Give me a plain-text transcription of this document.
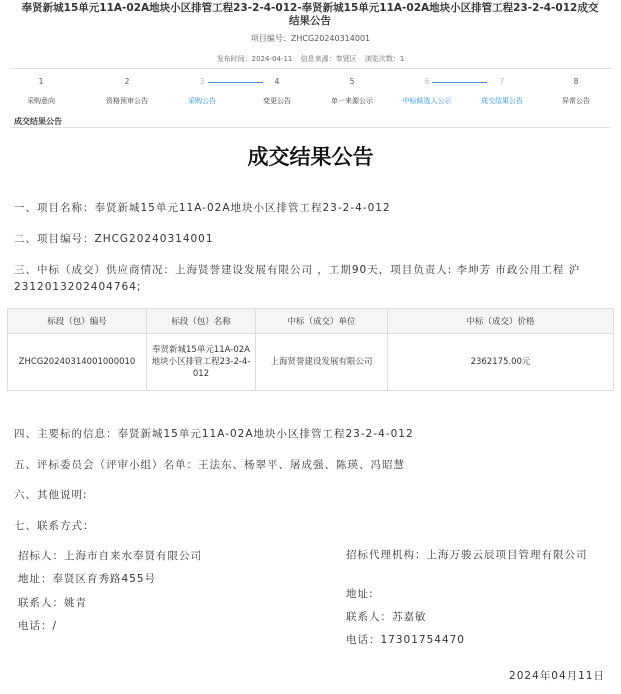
奉贤新城15单元11A-02A地块小区排管工程23-2-4-012-奉贤新城15单元11A-02A地块小区排管工程23-2-4-012成交结果公告
项目编号：ZHCG20240314001
发布时间：2024-04-11 信息来源：奉贤区 浏览次数：1
1
采购意向
2
资格预审公告
3
采购公告
4
变更公告
5
单一来源公示
6
中标候选人公示
7
成交结果公告
8
异常公告
成交结果公告
成交结果公告
一、项目名称：奉贤新城15单元11A-02A地块小区排管工程23-2-4-012
二、项目编号：ZHCG20240314001
三、中标（成交）供应商情况：上海贤誉建设发展有限公司 ，工期90天，项目负责人: 李坤芳 市政公用工程 沪2312013202404764;
标段（包）编号	标段（包）名称	中标（成交）单位	中标（成交）价格
ZHCG20240314001000010	奉贤新城15单元11A-02A地块小区排管工程23-2-4-012	上海贤誉建设发展有限公司	2362175.00元
四、主要标的信息：奉贤新城15单元11A-02A地块小区排管工程23-2-4-012
五、评标委员会（评审小组）名单：王法东、杨翠平、屠成强、陈瑛、冯昭慧
六、其他说明:
七、联系方式：
招标人：上海市自来水奉贤有限公司
地址：奉贤区育秀路455号
联系人：姚青
电话：/
招标代理机构：上海万骏云辰项目管理有限公司
地址:
联系人：苏嘉敏
电话：17301754470
2024年04月11日
